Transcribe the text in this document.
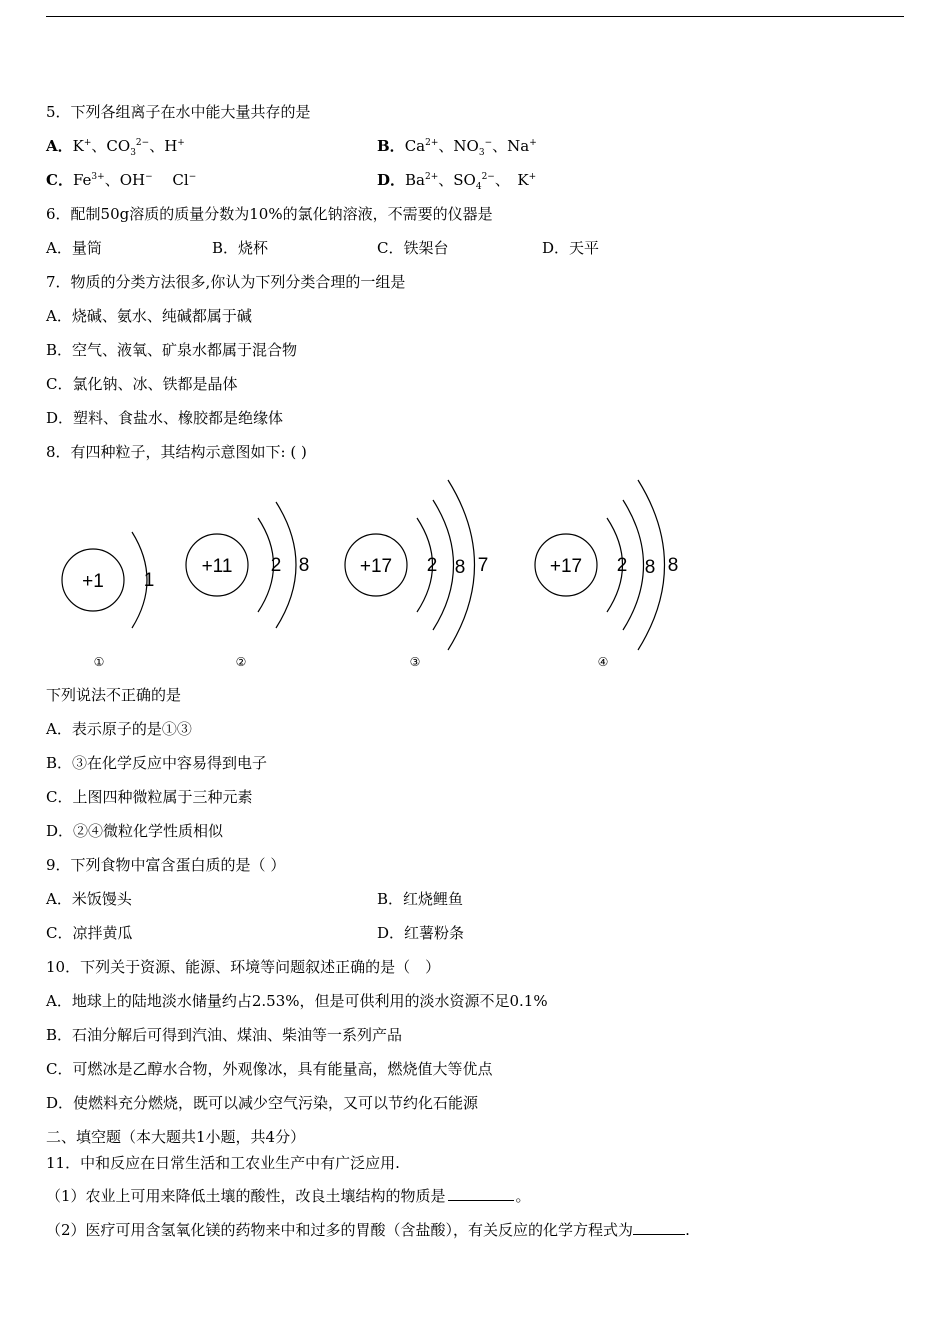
5．下列各组离子在水中能大量共存的是
A．K+、$CO_3^{2-}$、H+	B．$Ca^{2+}$、$NO_3^-$、Na+
C．$Fe^{3+}$、OH−　 Cl−	D．$Ba^{2+}$、$SO_4^{2-}$、　K+
6．配制50g溶质的质量分数为10%的氯化钠溶液，不需要的仪器是
A．量筒	B．烧杯	C．铁架台	D．天平
7．物质的分类方法很多,你认为下列分类合理的一组是
A．烧碱、氨水、纯碱都属于碱
B．空气、液氧、矿泉水都属于混合物
C．氯化钠、冰、铁都是晶体
D．塑料、食盐水、橡胶都是绝缘体
8．有四种粒子，其结构示意图如下: ( )
+1 1
①
+11 2 8
②
+17 2 8 7
③
+17 2 8 8
④
下列说法不正确的是
A．表示原子的是①③
B．③在化学反应中容易得到电子
C．上图四种微粒属于三种元素
D．②④微粒化学性质相似
9．下列食物中富含蛋白质的是（ ）
A．米饭馒头	B．红烧鲤鱼
C．凉拌黄瓜	D．红薯粉条
10．下列关于资源、能源、环境等问题叙述正确的是（　）
A．地球上的陆地淡水储量约占2.53%，但是可供利用的淡水资源不足0.1%
B．石油分解后可得到汽油、煤油、柴油等一系列产品
C．可燃冰是乙醇水合物，外观像冰，具有能量高，燃烧值大等优点
D．使燃料充分燃烧，既可以减少空气污染，又可以节约化石能源
二、填空题（本大题共1小题，共4分）
11．中和反应在日常生活和工农业生产中有广泛应用.
（1）农业上可用来降低土壤的酸性，改良土壤结构的物质是	。
（2）医疗可用含氢氧化镁的药物来中和过多的胃酸（含盐酸），有关反应的化学方程式为	.
